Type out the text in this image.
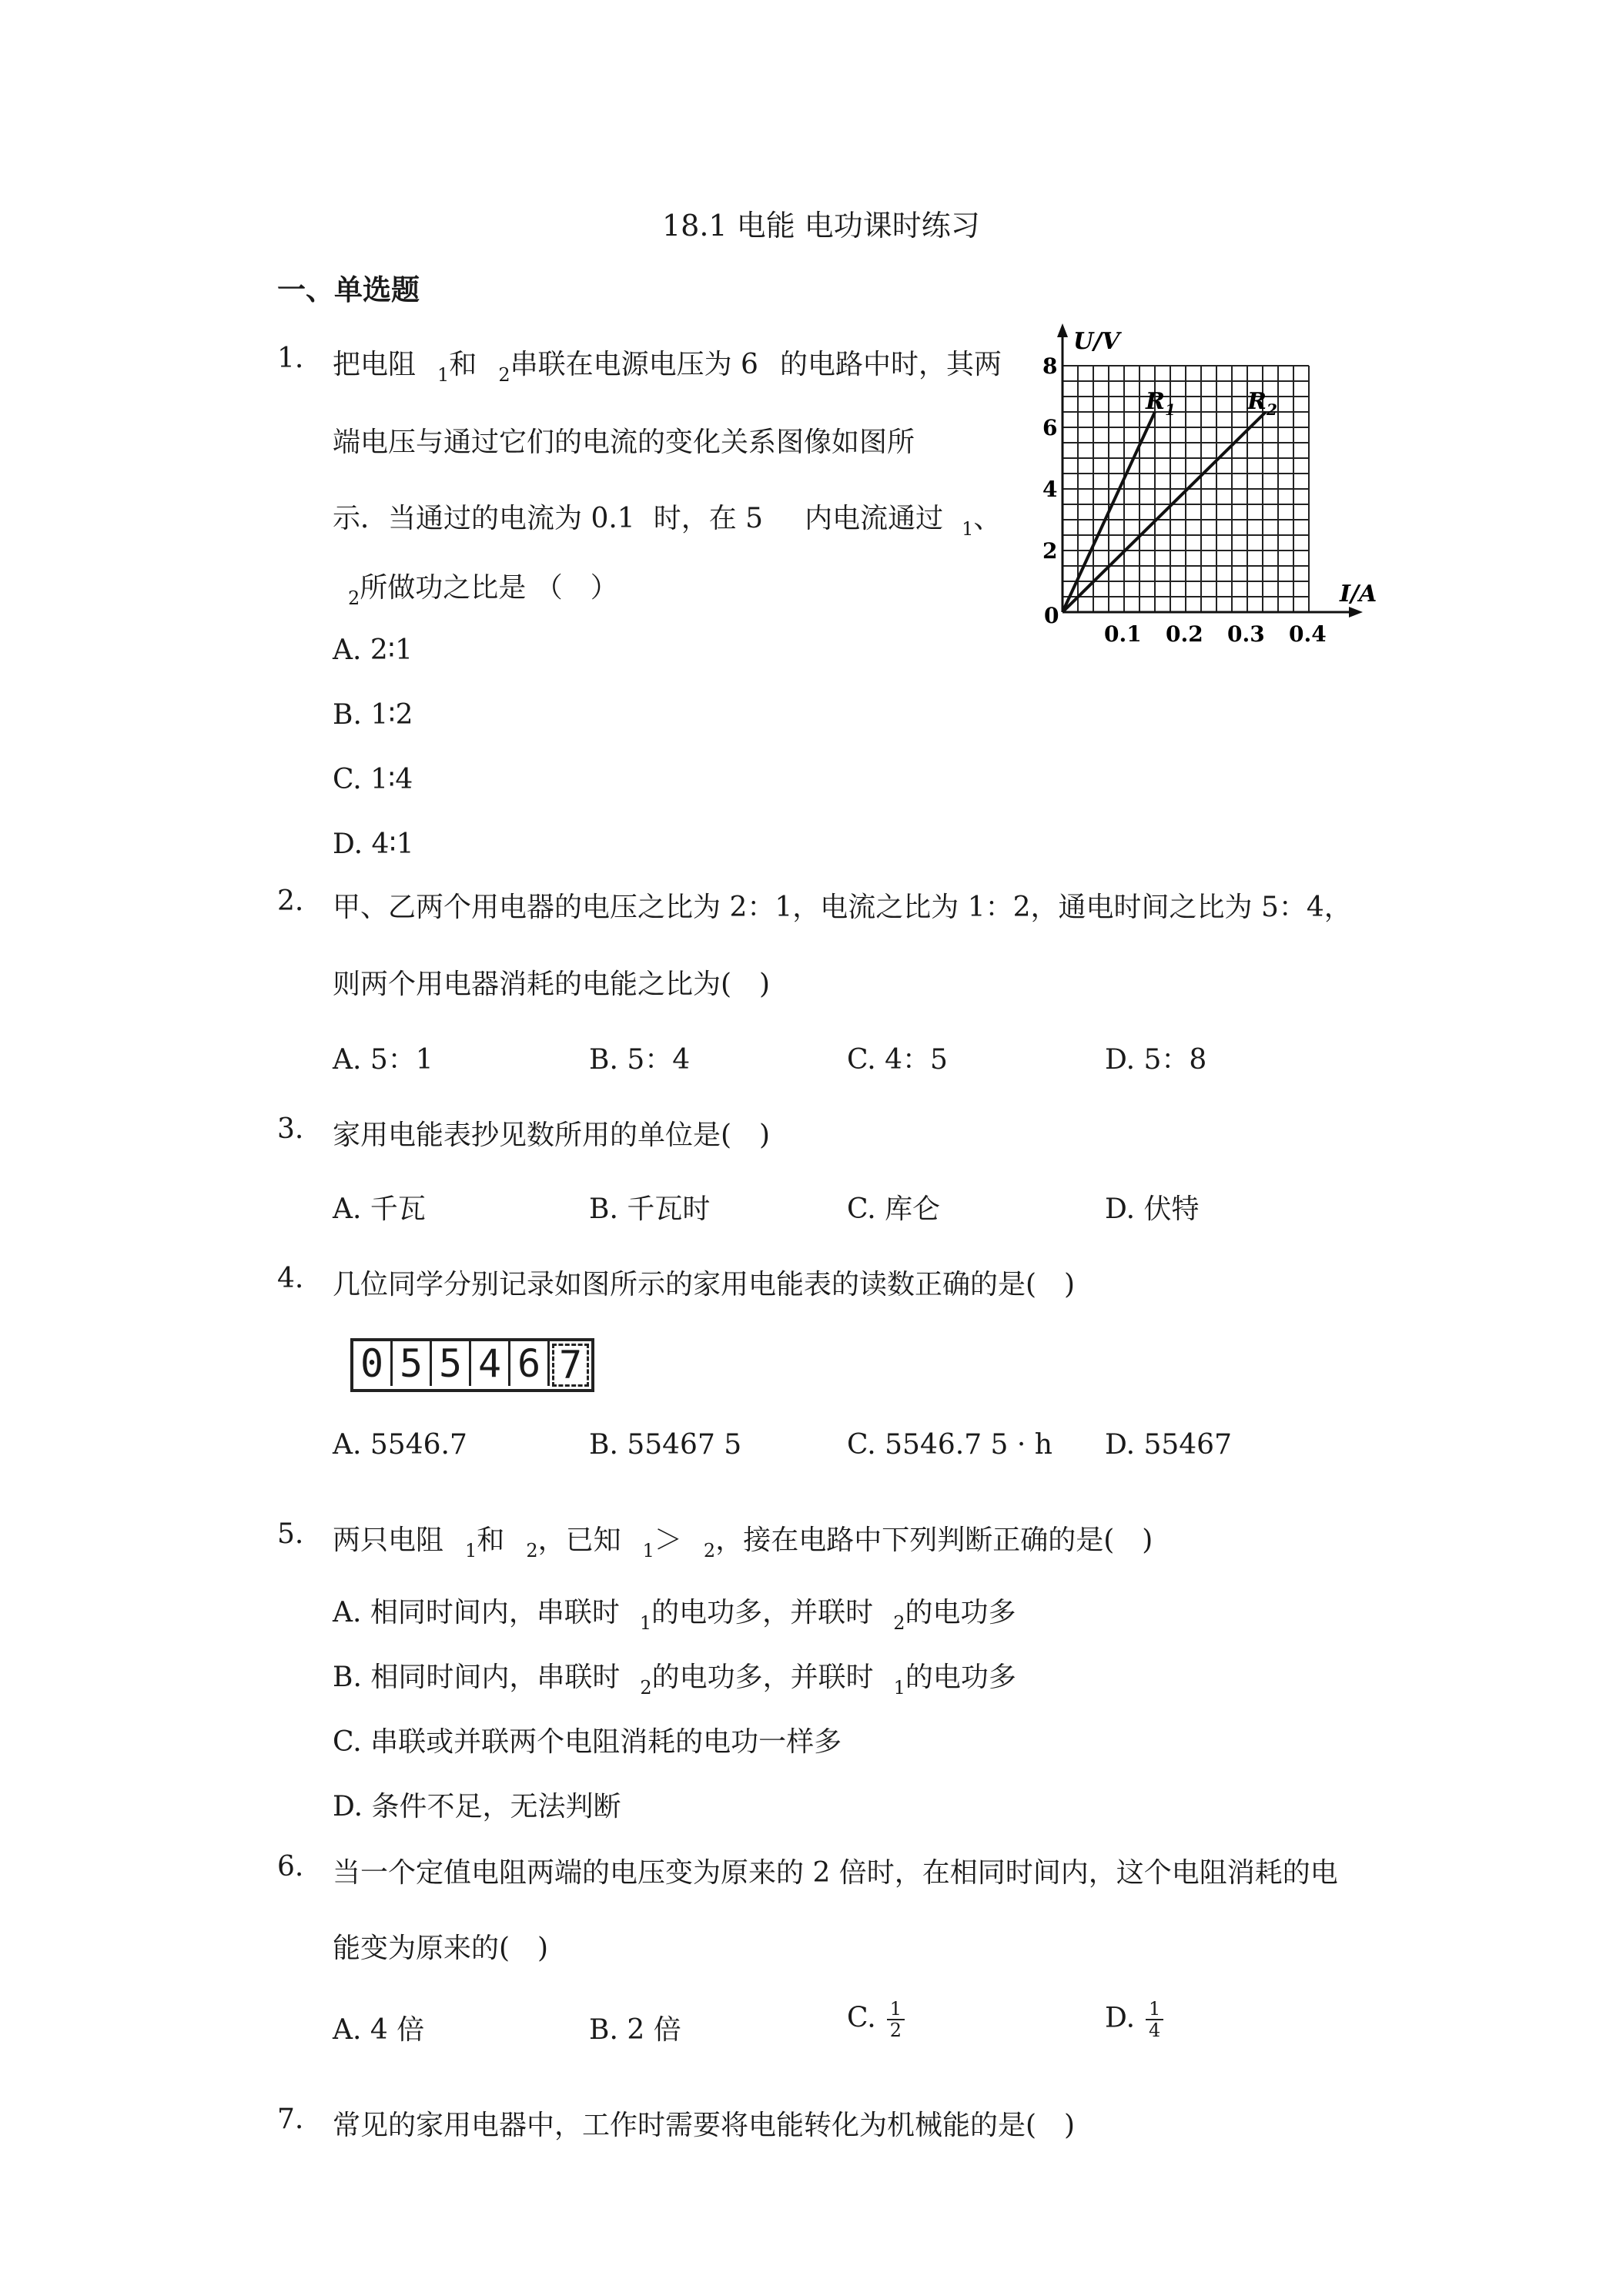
18.1 电能 电功课时练习
一、单选题
1. 把电阻 $_1$和 $_2$串联在电源电压为 6 的电路中时，其两
端电压与通过它们的电流的变化关系图像如图所
示．当通过的电流为 0.1 时，在 5 内电流通过 $_1$、
$_2$所做功之比是 （　）
A. 2∶1
B. 1∶2
C. 1∶4
D. 4∶1
U/V
I/A
0
2
4
6
8
0.1 0.2 0.3 0.4
$R_1$	$R_2$
2. 甲、乙两个用电器的电压之比为 2：1，电流之比为 1：2，通电时间之比为 5：4，
则两个用电器消耗的电能之比为(　)
A. 5：1	B. 5：4	C. 4：5	D. 5：8
3. 家用电能表抄见数所用的单位是(　)
A. 千瓦	B. 千瓦时	C. 库仑	D. 伏特
4. 几位同学分别记录如图所示的家用电能表的读数正确的是(　)
0 5 5 4 6 7
A. 5546.7	B. 55467 5	C. 5546.7 5 · h D. 55467
5. 两只电阻 $_1$和 $_2$，已知 $_1$＞ $_2$，接在电路中下列判断正确的是(　)
A. 相同时间内，串联时 $_1$的电功多，并联时 $_2$的电功多
B. 相同时间内，串联时 $_2$的电功多，并联时 $_1$的电功多
C. 串联或并联两个电阻消耗的电功一样多
D. 条件不足，无法判断
6. 当一个定值电阻两端的电压变为原来的 2 倍时，在相同时间内，这个电阻消耗的电
能变为原来的(　)
A. 4 倍	B. 2 倍	C. $\frac{1}{2}$	D. $\frac{1}{4}$
7. 常见的家用电器中，工作时需要将电能转化为机械能的是(　)
